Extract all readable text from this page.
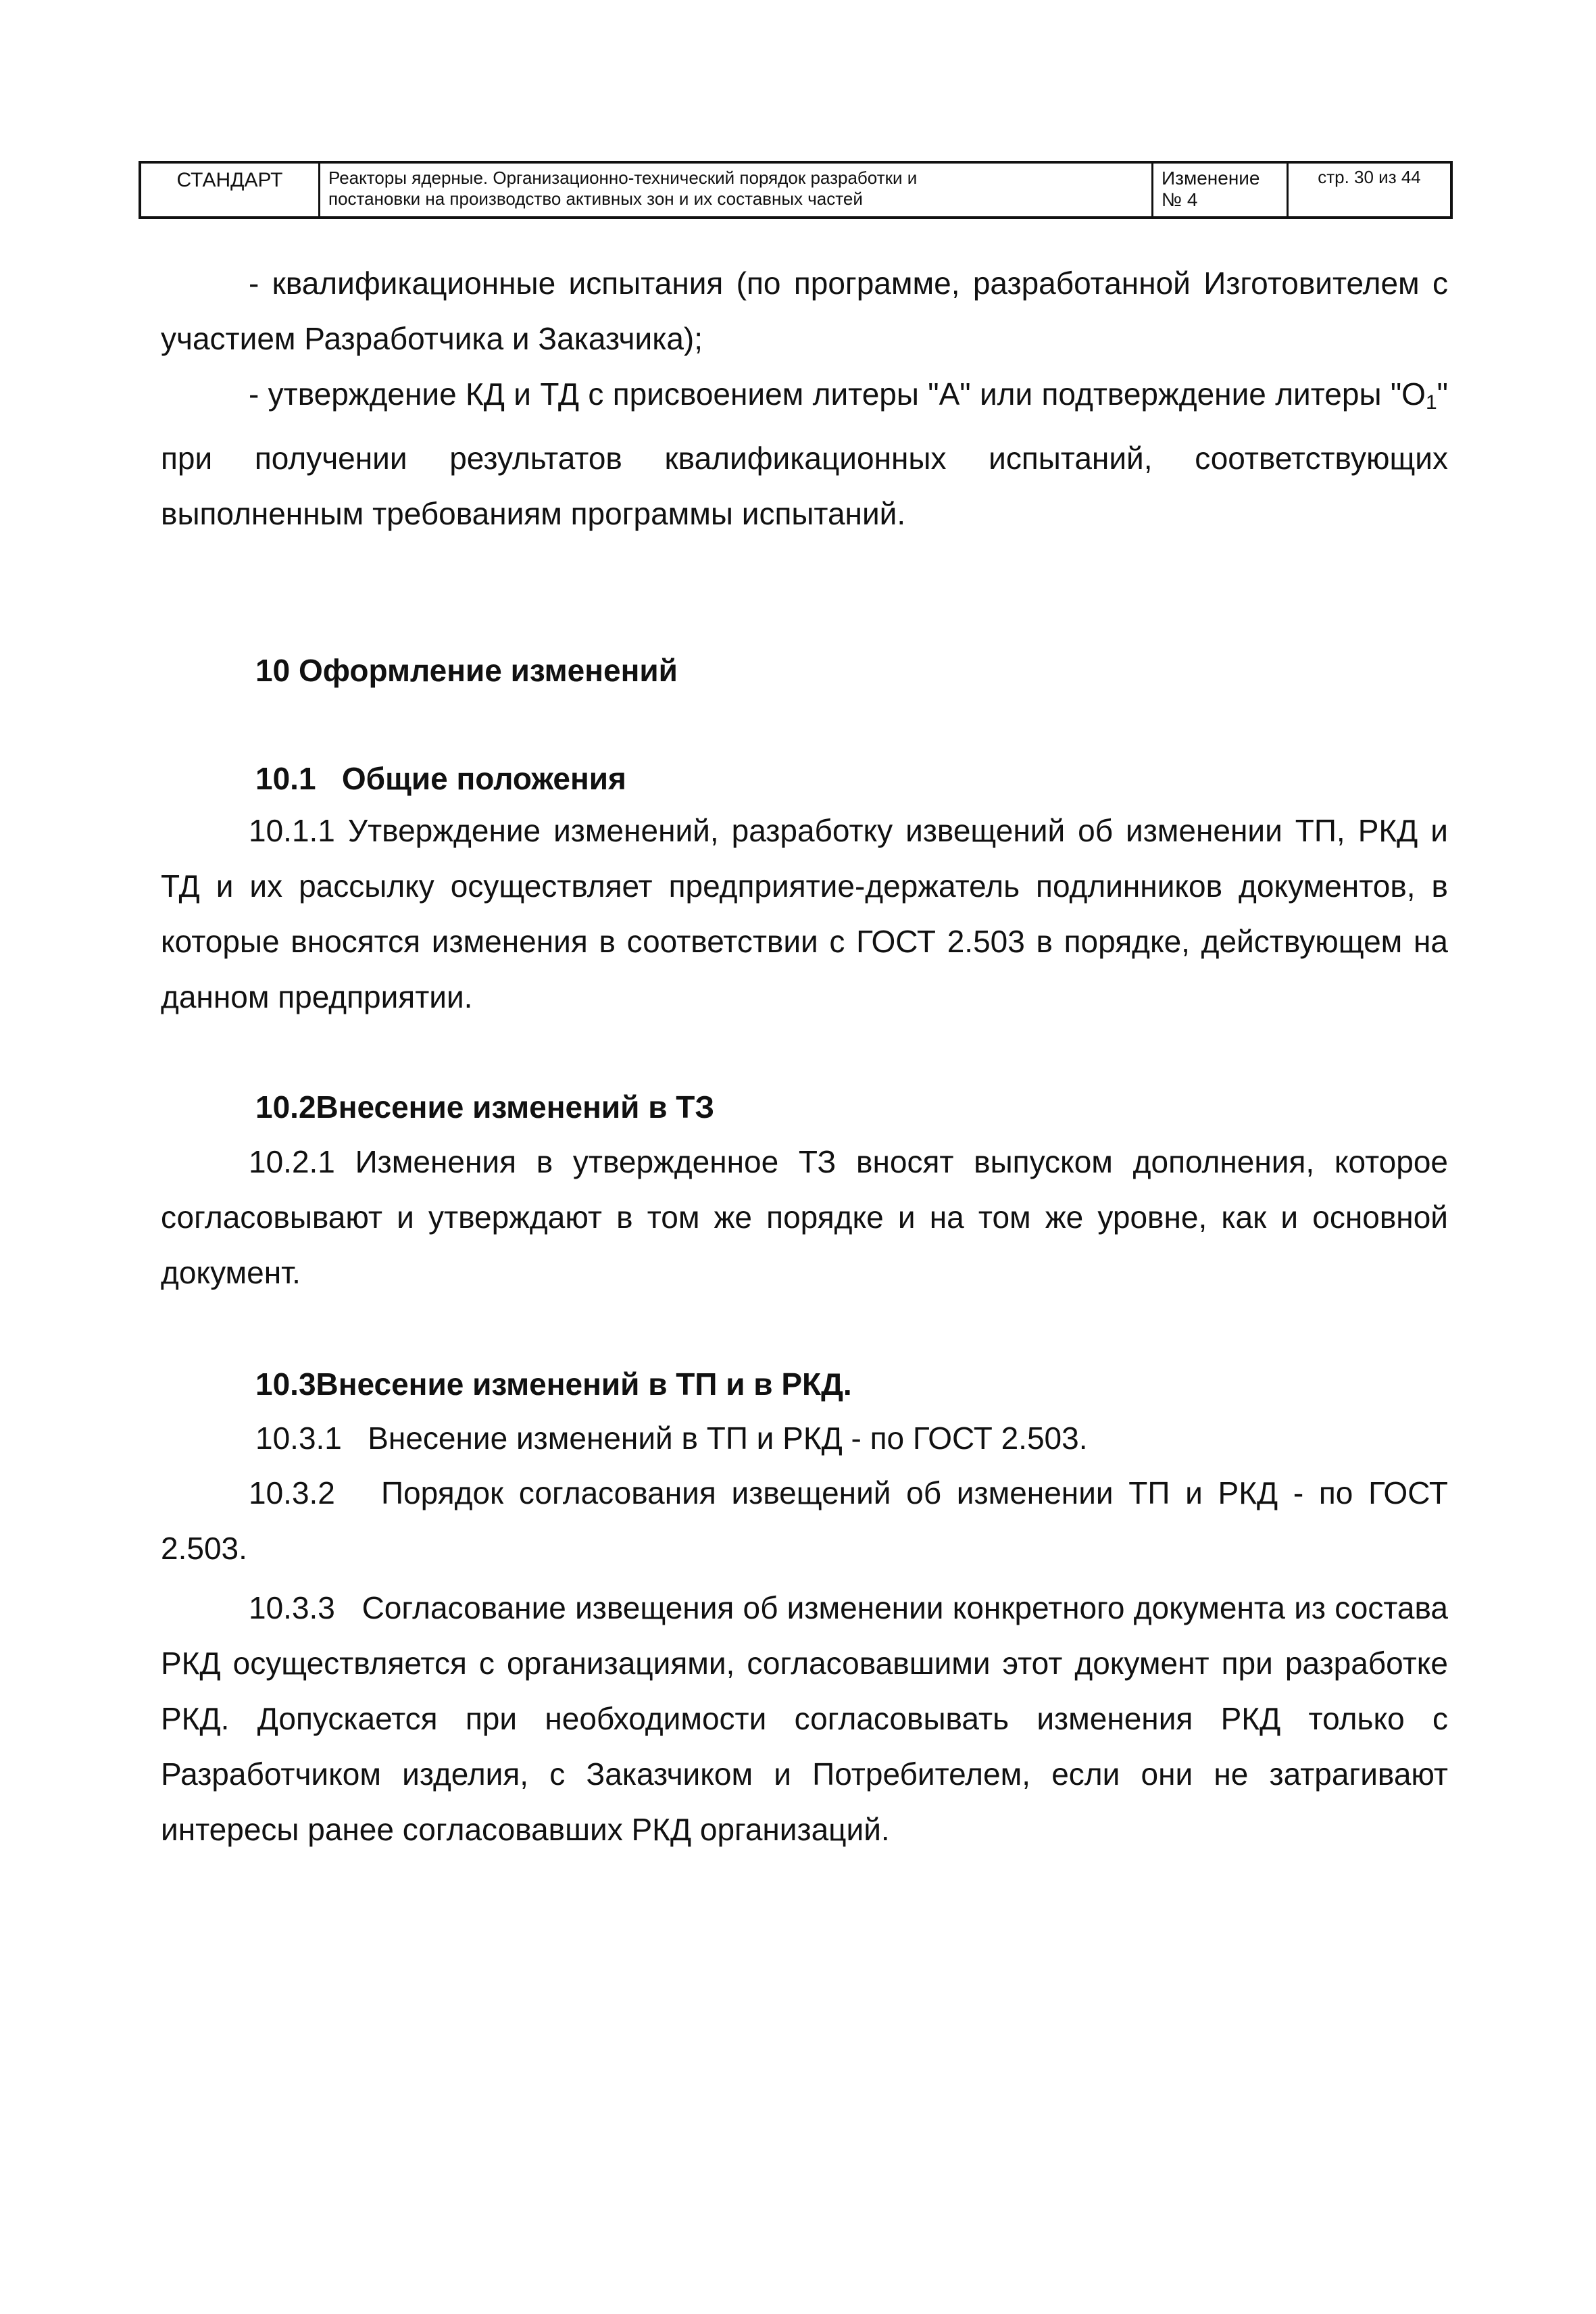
СТАНДАРТ	Реакторы ядерные. Организационно-технический порядок разработки и
постановки на производство активных зон и их составных частей
Изменение
№ 4
стр. 30 из 44

- квалификационные испытания (по программе, разработанной Изготовителем с участием Разработчика и Заказчика);

- утверждение КД и ТД с присвоением литеры "А" или подтверждение литеры "$О_1$" при получении результатов квалификационных испытаний, соответствующих выполненным требованиям программы испытаний.

10 Оформление изменений
10.1   Общие положения

10.1.1 Утверждение изменений, разработку извещений об изменении ТП, РКД и ТД и их рассылку осуществляет предприятие-держатель подлинников документов, в которые вносятся изменения в соответствии с ГОСТ 2.503 в порядке, действующем на данном предприятии.

10.2Внесение изменений в ТЗ

10.2.1 Изменения в утвержденное ТЗ вносят выпуском дополнения, которое согласовывают и утверждают в том же порядке и на том же уровне, как и основной документ.

10.3Внесение изменений в ТП и в РКД.
10.3.1   Внесение изменений в ТП и РКД - по ГОСТ 2.503.

10.3.2   Порядок согласования извещений об изменении ТП и РКД - по ГОСТ 2.503.

10.3.3   Согласование извещения об изменении конкретного документа из состава РКД осуществляется с организациями, согласовавшими этот документ при разработке РКД. Допускается при необходимости согласовывать изменения РКД только с Разработчиком изделия, с Заказчиком и Потребителем, если они не затрагивают интересы ранее согласовавших РКД организаций.
